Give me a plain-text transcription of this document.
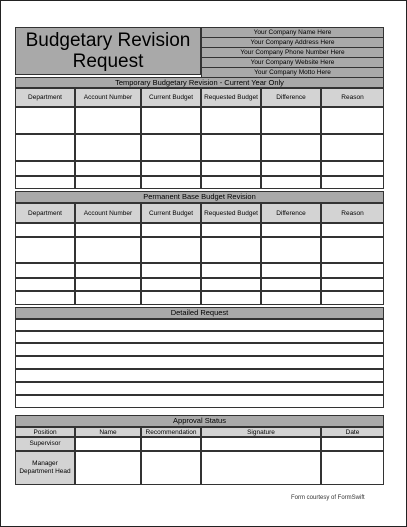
Budgetary Revision
Request
Your Company Name Here
Your Company Address Here
Your Company Phone Number Here
Your Company Website Here
Your Company Motto Here
Temporary Budgetary Revision - Current Year Only
Department	Account Number	Current Budget	Requested Budget	Difference	Reason
Permanent Base Budget Revision
Department	Account Number	Current Budget	Requested Budget	Difference	Reason
Detailed Request
Approval Status
Position	Name	Recommendation	Signature	Date
Supervisor
Manager Department Head
Form courtesy of FormSwift
